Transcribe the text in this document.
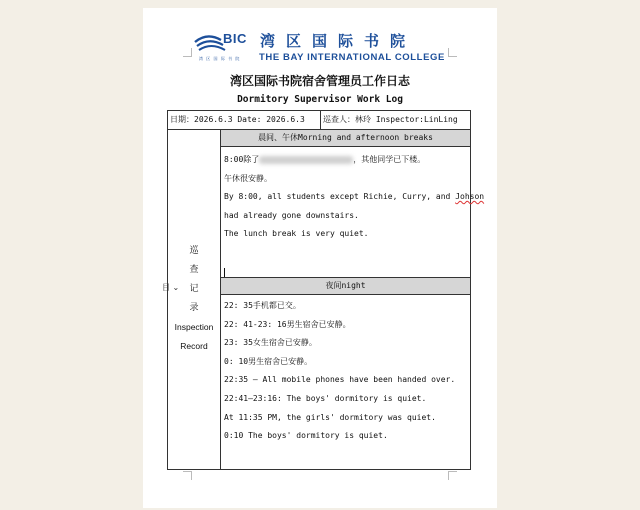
BIC
湾 区 国 际 书 院
湾区国际书院
THE BAY INTERNATIONAL COLLEGE
湾区国际书院宿舍管理员工作日志
Dormitory Supervisor Work Log
日期：2026.6.3 Date: 2026.6.3 巡查人：林玲 Inspector:LinLing
目 ⌄
巡
查
记
录
Inspection
Record
晨间、午休Morning and afternoon breaks
8:00除了	，其他同学已下楼。
午休很安静。
By 8:00, all students except Richie, Curry, and Johson
had already gone downstairs.
The lunch break is very quiet.
夜间night
22: 35手机都已交。
22: 41-23: 16男生宿舍已安静。
23: 35女生宿舍已安静。
0: 10男生宿舍已安静。
22:35 – All mobile phones have been handed over.
22:41–23:16: The boys' dormitory is quiet.
At 11:35 PM, the girls' dormitory was quiet.
0:10 The boys' dormitory is quiet.
